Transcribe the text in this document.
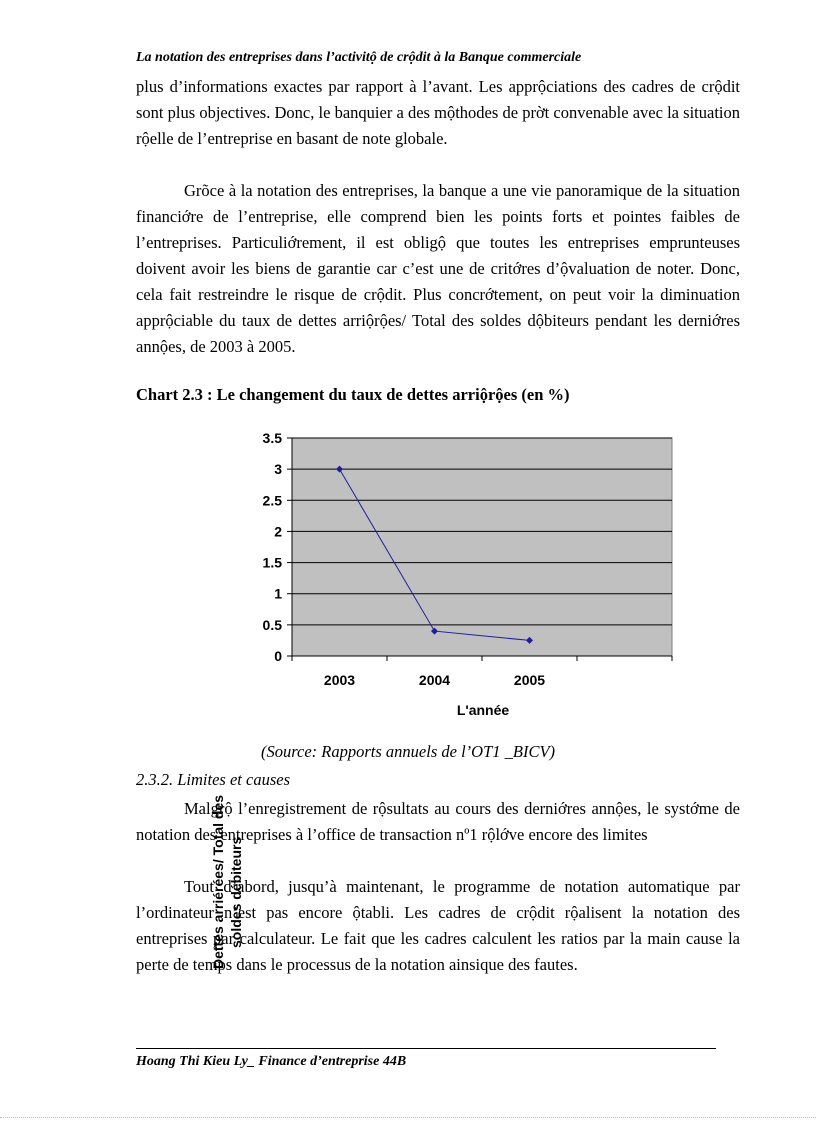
La notation des entreprises dans l’activitộ de crộdit à la Banque commerciale

plus d’informations exactes par rapport à l’avant. Les apprộciations des cadres de crộdit sont plus objectives. Donc, le banquier a des mộthodes de prờt convenable avec la situation rộelle de l’entreprise en basant de note globale.

Grõce à la notation des entreprises, la banque a une vie panoramique de la situation financiớre de l’entreprise, elle comprend bien les points forts et pointes faibles de l’entreprises. Particuliớrement, il est obligộ que toutes les entreprises emprunteuses doivent avoir les biens de garantie car c’est une de critớres d’ộvaluation de noter. Donc, cela fait restreindre le risque de crộdit. Plus concrớtement, on peut voir la diminuation apprộciable du taux de dettes arriộrộes/ Total des soldes dộbiteurs pendant les derniớres annộes, de 2003 à 2005.

Chart 2.3 : Le changement du taux de dettes arriộrộes (en %)
0
0.5
1
1.5
2
2.5
3
3.5
2003	2004	2005
Dettes arriérées/ Total des soldes débiteurs
L'année
(Source: Rapports annuels de l’OT1 _BICV)
2.3.2. Limites et causes

Malgrộ l’enregistrement de rộsultats au cours des derniớres annộes, le systớme de notation des entreprises à l’office de transaction nº1 rộlớve encore des limites

Tout d’abord, jusqu’à maintenant, le programme de notation automatique par l’ordinateur n’est pas encore ộtabli. Les cadres de crộdit rộalisent la notation des entreprises par calculateur. Le fait que les cadres calculent les ratios par la main cause la perte de temps dans le processus de la notation ainsique des fautes.

Hoang Thi Kieu Ly_ Finance d’entreprise 44B
